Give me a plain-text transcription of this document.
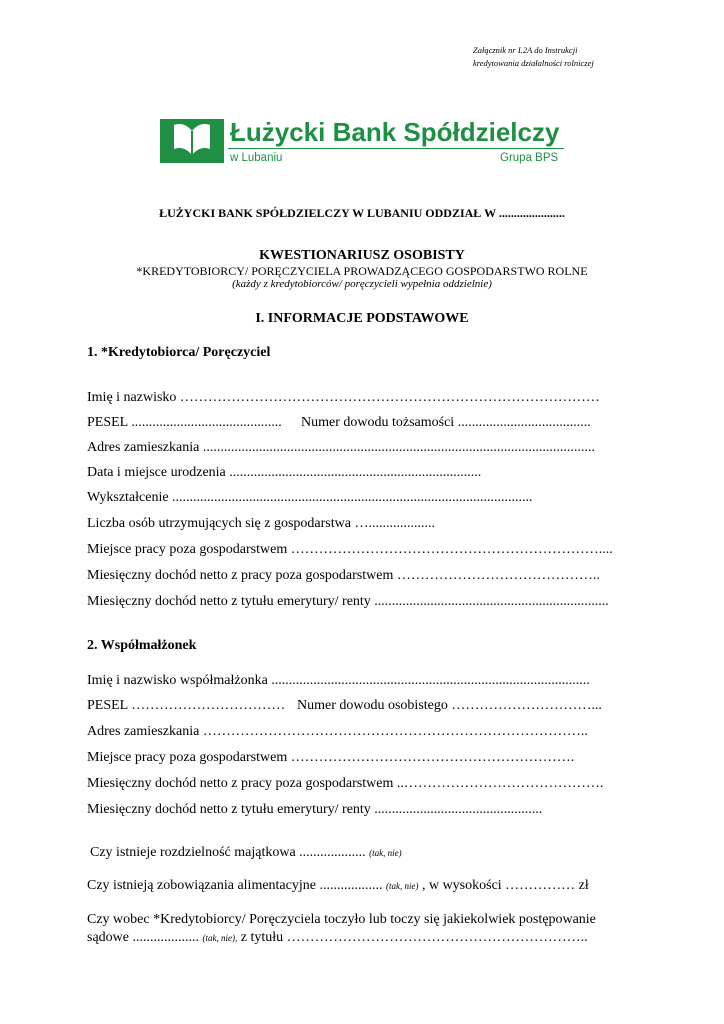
Załącznik nr I.2A do Instrukcji
kredytowania działalności rolniczej
Łużycki Bank Spółdzielczy
w Lubaniu	Grupa BPS
ŁUŻYCKI BANK SPÓŁDZIELCZY W LUBANIU ODDZIAŁ W ......................
KWESTIONARIUSZ OSOBISTY
*KREDYTOBIORCY/ PORĘCZYCIELA PROWADZĄCEGO GOSPODARSTWO ROLNE
(każdy z kredytobiorców/ poręczycieli wypełnia oddzielnie)
I. INFORMACJE PODSTAWOWE
1. *Kredytobiorca/ Poręczyciel
Imię i nazwisko ………………………………………………………………………………
PESEL ........................................... Numer dowodu tożsamości ......................................
Adres zamieszkania ................................................................................................................
Data i miejsce urodzenia ........................................................................
Wykształcenie .......................................................................................................
Liczba osób utrzymujących się z gospodarstwa …...................
Miejsce pracy poza gospodarstwem …………………………………………………………....
Miesięczny dochód netto z pracy poza gospodarstwem ……………………………………..
Miesięczny dochód netto z tytułu emerytury/ renty ...................................................................
2. Współmałżonek
Imię i nazwisko współmałżonka ...........................................................................................
PESEL …………………………… Numer dowodu osobistego …………………………...
Adres zamieszkania ………………………………………………………………………..
Miejsce pracy poza gospodarstwem …………………………………………………….
Miesięczny dochód netto z pracy poza gospodarstwem ..…………………………………….
Miesięczny dochód netto z tytułu emerytury/ renty ................................................
Czy istnieje rozdzielność majątkowa ................... (tak, nie)
Czy istnieją zobowiązania alimentacyjne .................. (tak, nie) , w wysokości …………… zł
Czy wobec *Kredytobiorcy/ Poręczyciela toczyło lub toczy się jakiekolwiek postępowanie
sądowe ................... (tak, nie), z tytułu ………………………………………………………..
